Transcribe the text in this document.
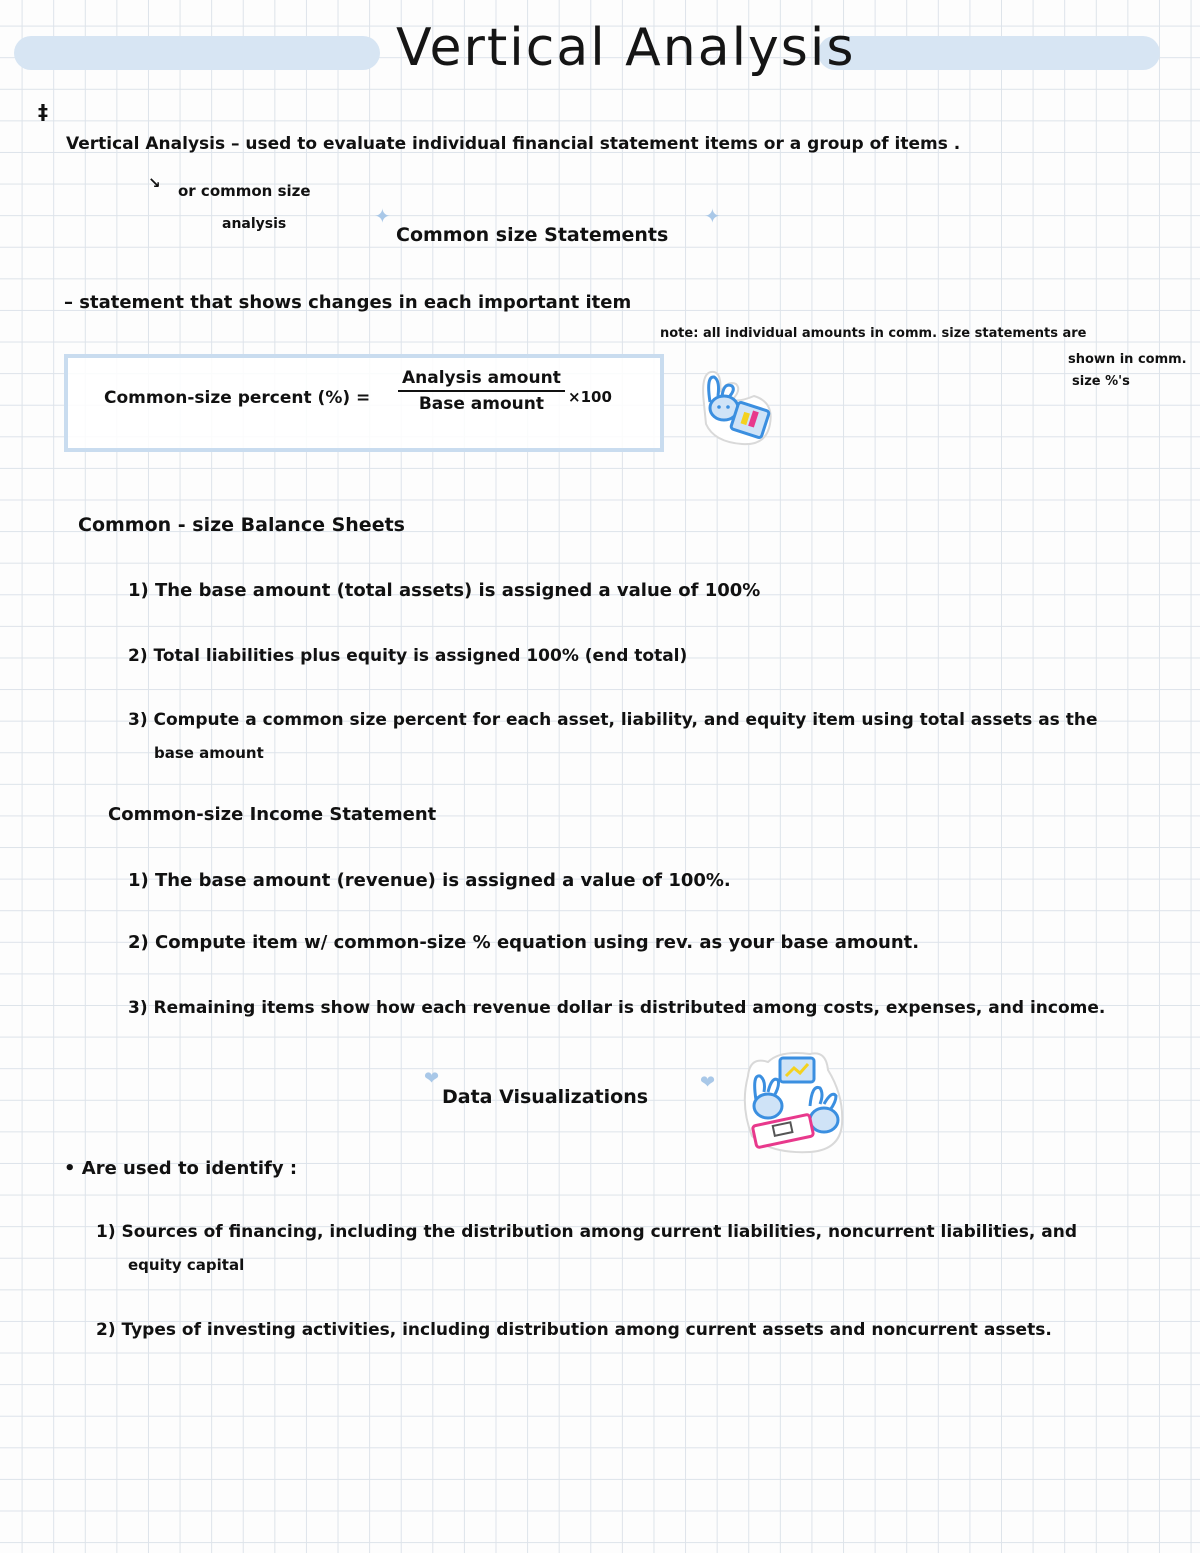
Vertical Analysis
‡
Vertical Analysis – used to evaluate individual financial statement items or a group of items .
↘ or common size
analysis	✦
Common size Statements
✦
– statement that shows changes in each important item
note: all individual amounts in comm. size statements are
shown in comm.
size %'s
Common-size percent (%) =
Analysis amount
Base amount ×100
Common - size Balance Sheets
1) The base amount (total assets) is assigned a value of 100%
2) Total liabilities plus equity is assigned 100% (end total)
3) Compute a common size percent for each asset, liability, and equity item using total assets as the
base amount
Common-size Income Statement
1) The base amount (revenue) is assigned a value of 100%.
2) Compute item w/ common-size % equation using rev. as your base amount.
3) Remaining items show how each revenue dollar is distributed among costs, expenses, and income.
❤
Data Visualizations
❤
• Are used to identify :
1) Sources of financing, including the distribution among current liabilities, noncurrent liabilities, and
equity capital
2) Types of investing activities, including distribution among current assets and noncurrent assets.
